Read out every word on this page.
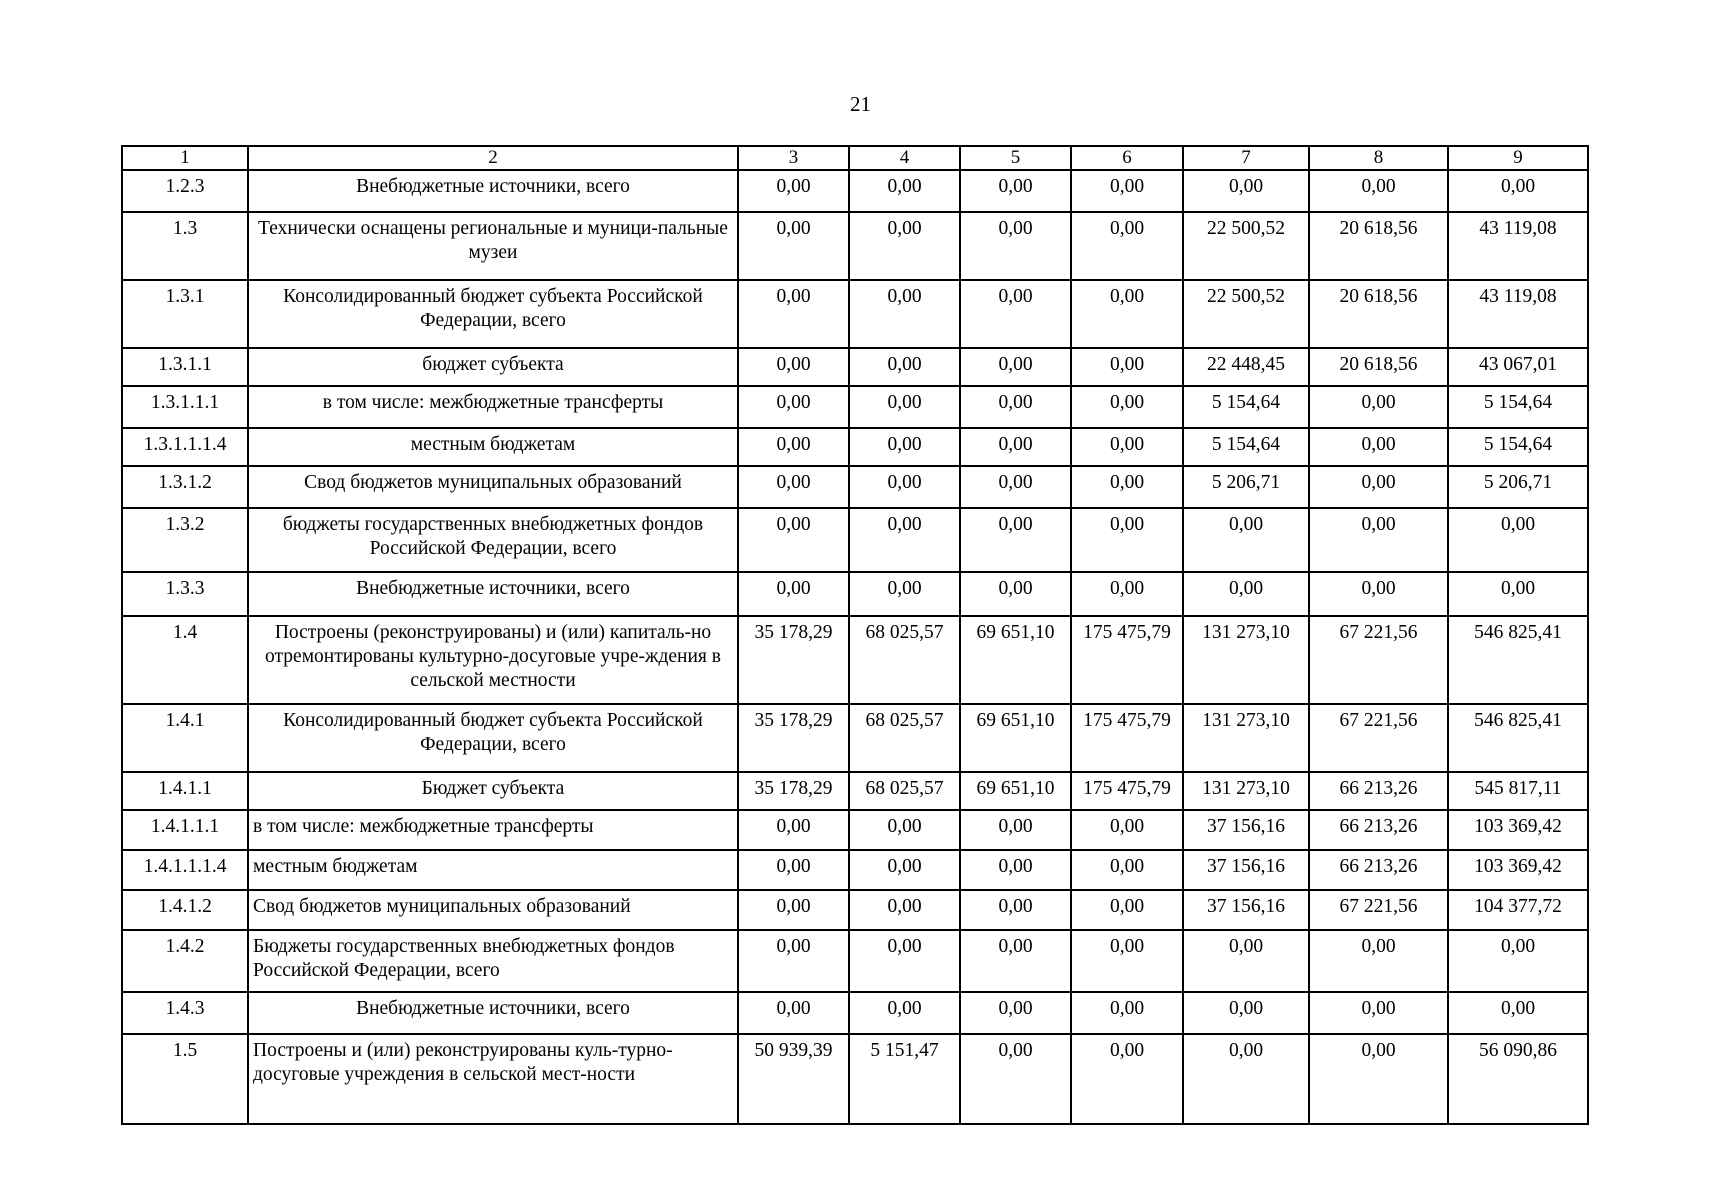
21
1	2	3	4	5	6	7	8	9
1.2.3	Внебюджетные источники, всего	0,00	0,00	0,00	0,00	0,00	0,00	0,00
1.3	Технически оснащены региональные и муници-пальные музеи	0,00	0,00	0,00	0,00	22 500,52	20 618,56	43 119,08
1.3.1	Консолидированный бюджет субъекта Российской Федерации, всего	0,00	0,00	0,00	0,00	22 500,52	20 618,56	43 119,08
1.3.1.1	бюджет субъекта	0,00	0,00	0,00	0,00	22 448,45	20 618,56	43 067,01
1.3.1.1.1	в том числе: межбюджетные трансферты	0,00	0,00	0,00	0,00	5 154,64	0,00	5 154,64
1.3.1.1.1.4	местным бюджетам	0,00	0,00	0,00	0,00	5 154,64	0,00	5 154,64
1.3.1.2	Свод бюджетов муниципальных образований	0,00	0,00	0,00	0,00	5 206,71	0,00	5 206,71
1.3.2	бюджеты государственных внебюджетных фондов Российской Федерации, всего	0,00	0,00	0,00	0,00	0,00	0,00	0,00
1.3.3	Внебюджетные источники, всего	0,00	0,00	0,00	0,00	0,00	0,00	0,00
1.4	Построены (реконструированы) и (или) капиталь-но отремонтированы культурно-досуговые учре-ждения в сельской местности	35 178,29	68 025,57	69 651,10	175 475,79	131 273,10	67 221,56	546 825,41
1.4.1	Консолидированный бюджет субъекта Российской Федерации, всего	35 178,29	68 025,57	69 651,10	175 475,79	131 273,10	67 221,56	546 825,41
1.4.1.1	Бюджет субъекта	35 178,29	68 025,57	69 651,10	175 475,79	131 273,10	66 213,26	545 817,11
1.4.1.1.1	в том числе: межбюджетные трансферты	0,00	0,00	0,00	0,00	37 156,16	66 213,26	103 369,42
1.4.1.1.1.4	местным бюджетам	0,00	0,00	0,00	0,00	37 156,16	66 213,26	103 369,42
1.4.1.2	Свод бюджетов муниципальных образований	0,00	0,00	0,00	0,00	37 156,16	67 221,56	104 377,72
1.4.2	Бюджеты государственных внебюджетных фондов Российской Федерации, всего	0,00	0,00	0,00	0,00	0,00	0,00	0,00
1.4.3	Внебюджетные источники, всего	0,00	0,00	0,00	0,00	0,00	0,00	0,00
1.5	Построены и (или) реконструированы куль-турно-досуговые учреждения в сельской мест-ности	50 939,39	5 151,47	0,00	0,00	0,00	0,00	56 090,86
